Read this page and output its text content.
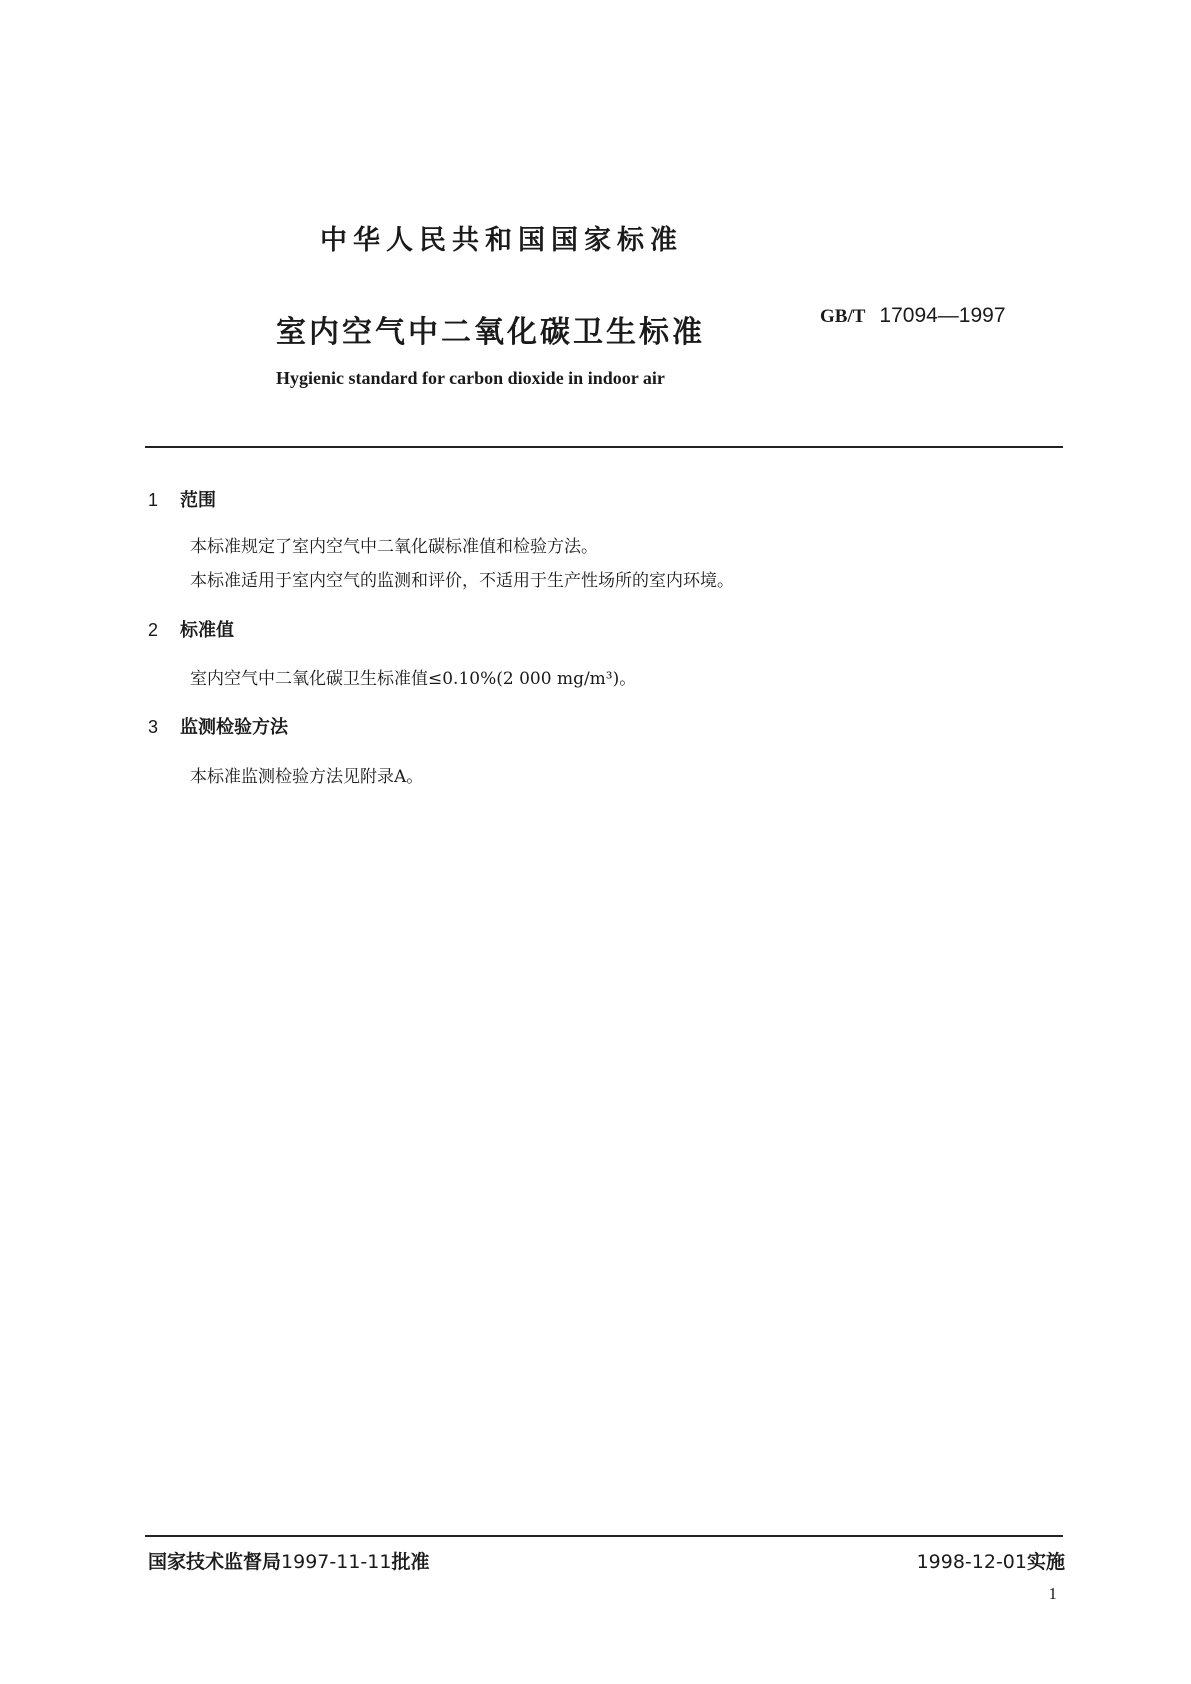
中华人民共和国国家标准
室内空气中二氧化碳卫生标准	GB/T 17094—1997
Hygienic standard for carbon dioxide in indoor air
1 范围
本标准规定了室内空气中二氧化碳标准值和检验方法。
本标准适用于室内空气的监测和评价，不适用于生产性场所的室内环境。
2 标准值
室内空气中二氧化碳卫生标准值≤0.10%(2 000 mg/m³)。
3 监测检验方法
本标准监测检验方法见附录A。
国家技术监督局1997-11-11批准	1998-12-01实施
1
